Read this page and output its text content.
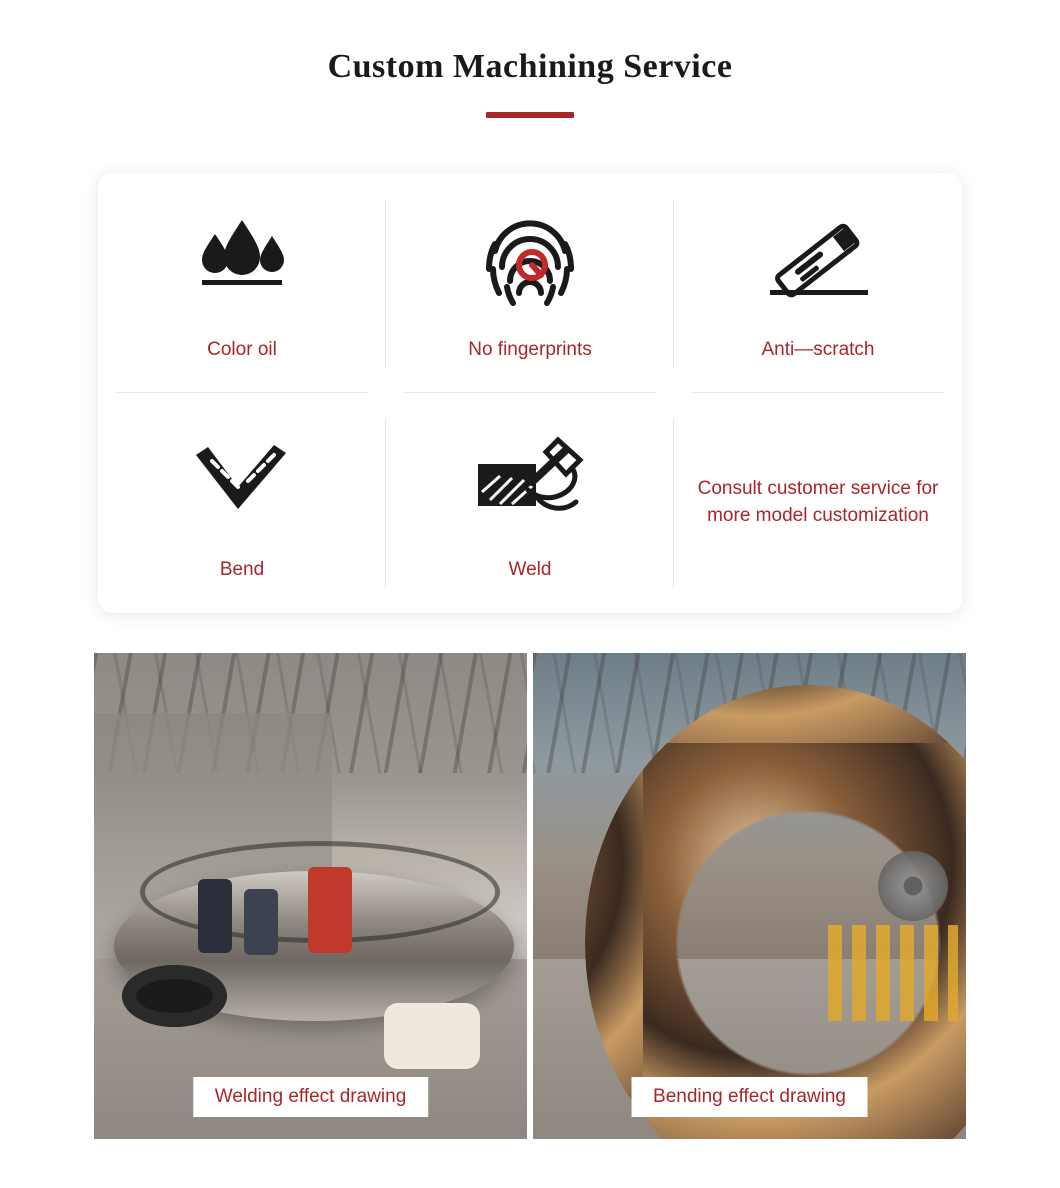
Custom Machining Service
Color oil	No fingerprints	Anti—scratch
Bend	Weld
Consult customer service for more model customization
Welding effect drawing	Bending effect drawing
